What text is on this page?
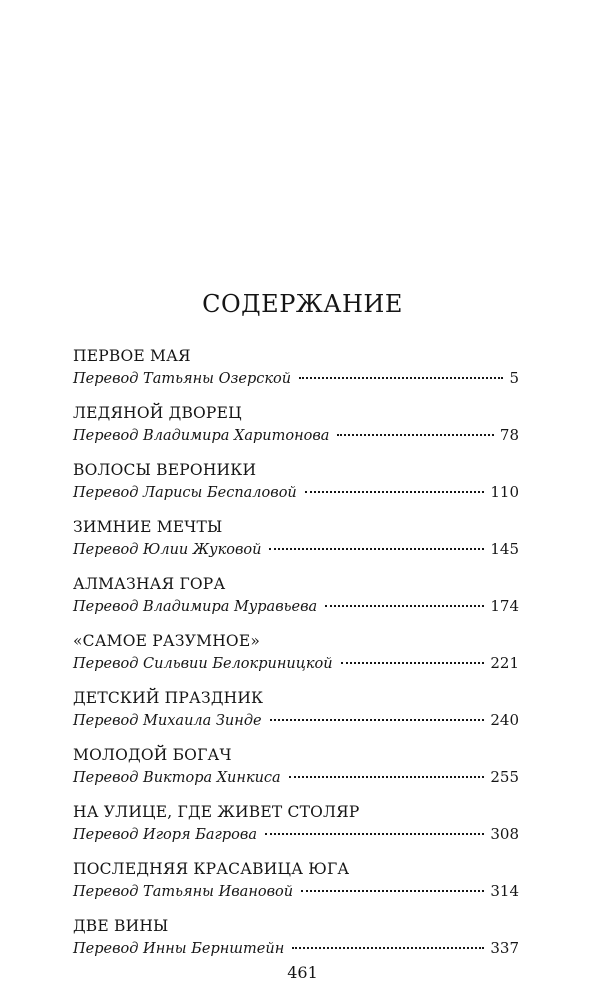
СОДЕРЖАНИЕ
ПЕРВОЕ МАЯ
Перевод Татьяны Озерской	5
ЛЕДЯНОЙ ДВОРЕЦ
Перевод Владимира Харитонова	78
ВОЛОСЫ ВЕРОНИКИ
Перевод Ларисы Беспаловой	110
ЗИМНИЕ МЕЧТЫ
Перевод Юлии Жуковой	145
АЛМАЗНАЯ ГОРА
Перевод Владимира Муравьева	174
«САМОЕ РАЗУМНОЕ»
Перевод Сильвии Белокриницкой	221
ДЕТСКИЙ ПРАЗДНИК
Перевод Михаила Зинде	240
МОЛОДОЙ БОГАЧ
Перевод Виктора Хинкиса	255
НА УЛИЦЕ, ГДЕ ЖИВЕТ СТОЛЯР
Перевод Игоря Багрова	308
ПОСЛЕДНЯЯ КРАСАВИЦА ЮГА
Перевод Татьяны Ивановой	314
ДВЕ ВИНЫ
Перевод Инны Бернштейн	337
461
